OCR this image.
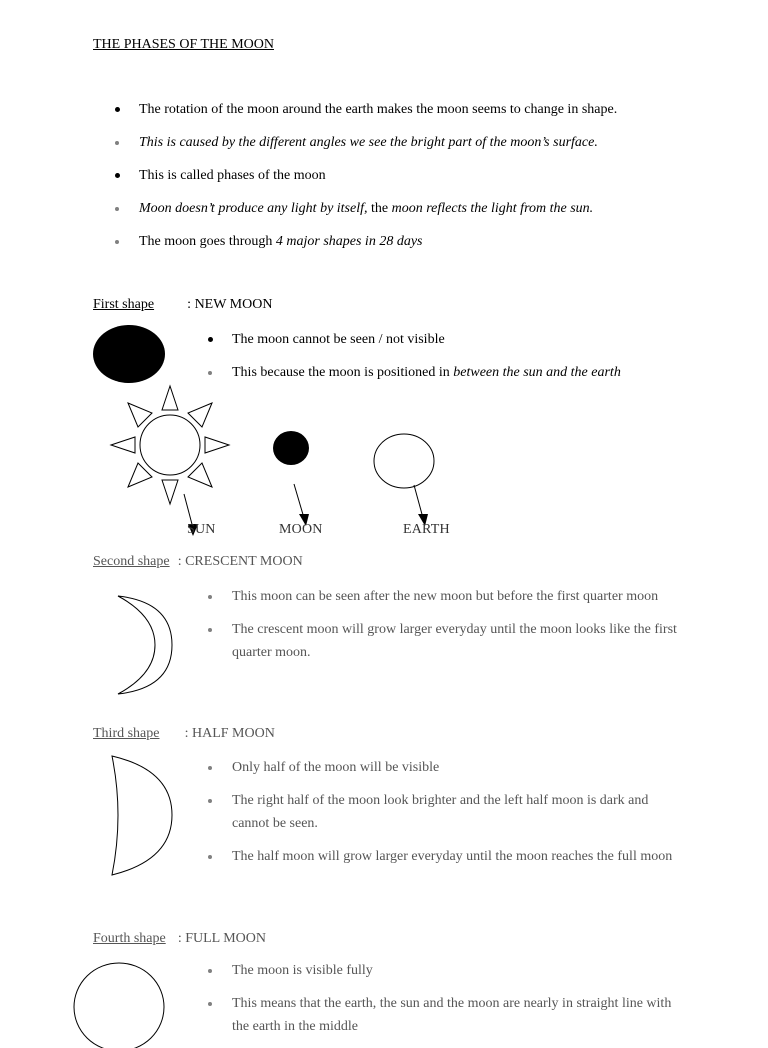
THE PHASES OF THE MOON
The rotation of the moon around the earth makes the moon seems to change in shape.
This is caused by the different angles we see the bright part of the moon’s surface.
This is called phases of the moon
Moon doesn’t produce any light by itself, the moon reflects the light from the sun.
The moon goes through 4 major shapes in 28 days
First shape : NEW MOON
The moon cannot be seen / not visible
This because the moon is positioned in between the sun and the earth
SUN	MOON	EARTH
Second shape : CRESCENT MOON
This moon can be seen after the new moon but before the first quarter moon
The crescent moon will grow larger everyday until the moon looks like the first quarter moon.
Third shape : HALF MOON
Only half of the moon will be visible
The right half of the moon look brighter and the left half moon is dark and cannot be seen.
The half moon will grow larger everyday until the moon reaches the full moon
Fourth shape : FULL MOON
The moon is visible fully
This means that the earth, the sun and the moon are nearly in straight line with the earth in the middle
